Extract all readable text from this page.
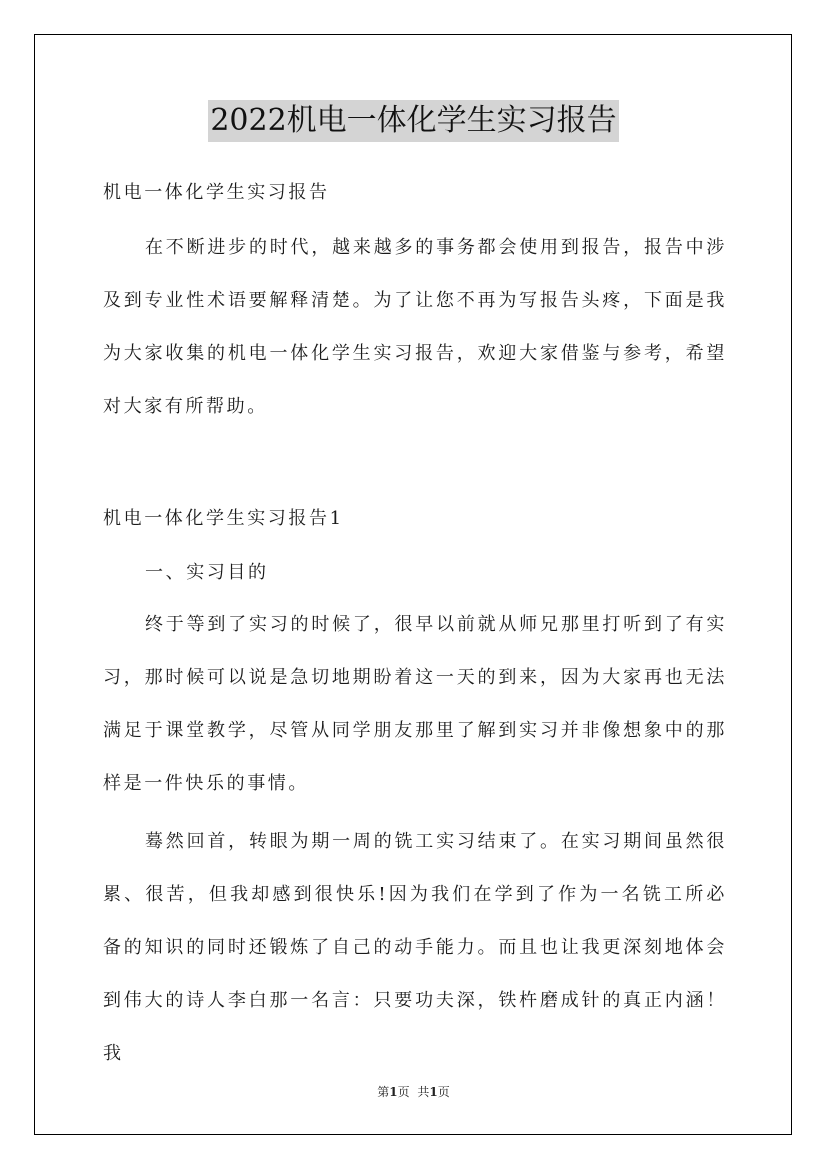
2022机电一体化学生实习报告

机电一体化学生实习报告

在不断进步的时代，越来越多的事务都会使用到报告，报告中涉及到专业性术语要解释清楚。为了让您不再为写报告头疼，下面是我为大家收集的机电一体化学生实习报告，欢迎大家借鉴与参考，希望对大家有所帮助。

机电一体化学生实习报告1

一、实习目的

终于等到了实习的时候了，很早以前就从师兄那里打听到了有实习，那时候可以说是急切地期盼着这一天的到来，因为大家再也无法满足于课堂教学，尽管从同学朋友那里了解到实习并非像想象中的那样是一件快乐的事情。

蓦然回首，转眼为期一周的铣工实习结束了。在实习期间虽然很累、很苦，但我却感到很快乐!因为我们在学到了作为一名铣工所必备的知识的同时还锻炼了自己的动手能力。而且也让我更深刻地体会到伟大的诗人李白那一名言：只要功夫深，铁杵磨成针的真正内涵！我

第1页 共1页
